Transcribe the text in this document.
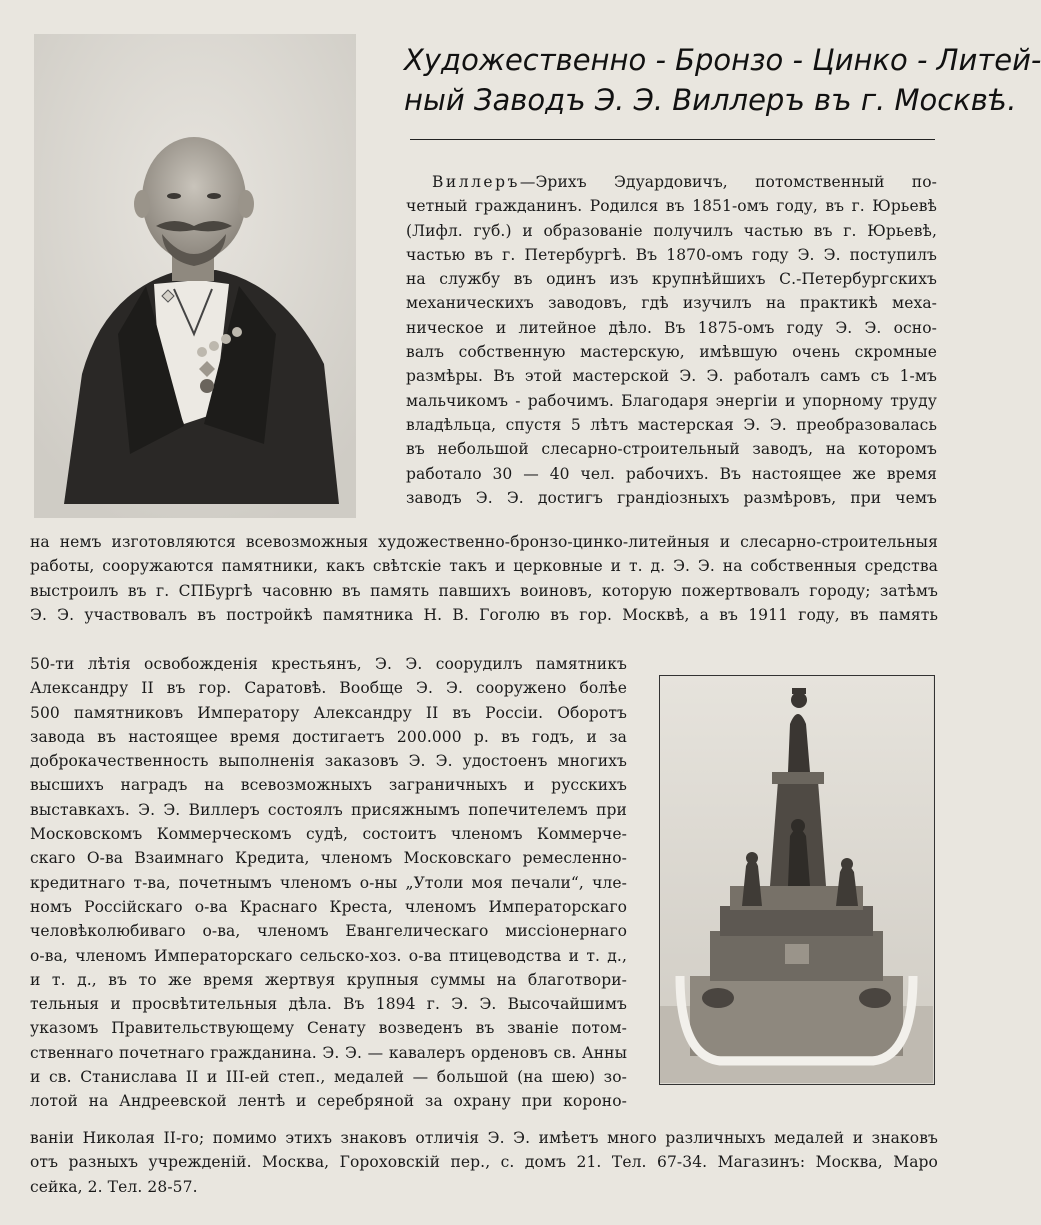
Художественно - Бронзо - Цинко - Литей-
ный Заводъ Э. Э. Виллеръ въ г. Москвѣ.
Виллеръ—Эрихъ Эдуардовичъ, потомственный по-
четный гражданинъ. Родился въ 1851-омъ году, въ г. Юрьевѣ
(Лифл. губ.) и образованіе получилъ частью въ г. Юрьевѣ,
частью въ г. Петербургѣ. Въ 1870-омъ году Э. Э. поступилъ
на службу въ одинъ изъ крупнѣйшихъ С.-Петербургскихъ
механическихъ заводовъ, гдѣ изучилъ на практикѣ меха-
ническое и литейное дѣло. Въ 1875-омъ году Э. Э. осно-
валъ собственную мастерскую, имѣвшую очень скромные
размѣры. Въ этой мастерской Э. Э. работалъ самъ съ 1-мъ
мальчикомъ - рабочимъ. Благодаря энергіи и упорному труду
владѣльца, спустя 5 лѣтъ мастерская Э. Э. преобразовалась
въ небольшой слесарно-строительный заводъ, на которомъ
работало 30 — 40 чел. рабочихъ. Въ настоящее же время
заводъ Э. Э. достигъ грандіозныхъ размѣровъ, при чемъ
на немъ изготовляются всевозможныя художественно-бронзо-цинко-литейныя и слесарно-строительныя
работы, сооружаются памятники, какъ свѣтскіе такъ и церковные и т. д. Э. Э. на собственныя средства
выстроилъ въ г. СПБургѣ часовню въ память павшихъ воиновъ, которую пожертвовалъ городу; затѣмъ
Э. Э. участвовалъ въ постройкѣ памятника Н. В. Гоголю въ гор. Москвѣ, а въ 1911 году, въ память
50-ти лѣтія освобожденія крестьянъ, Э. Э. соорудилъ памятникъ
Александру II въ гор. Саратовѣ. Вообще Э. Э. сооружено болѣе
500 памятниковъ Императору Александру II въ Россіи. Оборотъ
завода въ настоящее время достигаетъ 200.000 р. въ годъ, и за
доброкачественность выполненія заказовъ Э. Э. удостоенъ многихъ
высшихъ наградъ на всевозможныхъ заграничныхъ и русскихъ
выставкахъ. Э. Э. Виллеръ состоялъ присяжнымъ попечителемъ при
Московскомъ Коммерческомъ судѣ, состоитъ членомъ Коммерче-
скаго О-ва Взаимнаго Кредита, членомъ Московскаго ремесленно-
кредитнаго т-ва, почетнымъ членомъ о-ны „Утоли моя печали“, чле-
номъ Россійскаго о-ва Краснаго Креста, членомъ Императорскаго
человѣколюбиваго о-ва, членомъ Евангелическаго миссіонернаго
о-ва, членомъ Императорскаго сельско-хоз. о-ва птицеводства и т. д.,
и т. д., въ то же время жертвуя крупныя суммы на благотвори-
тельныя и просвѣтительныя дѣла. Въ 1894 г. Э. Э. Высочайшимъ
указомъ Правительствующему Сенату возведенъ въ званіе потом-
ственнаго почетнаго гражданина. Э. Э. — кавалеръ орденовъ св. Анны
и св. Станислава II и III-ей степ., медалей — большой (на шею) зо-
лотой на Андреевской лентѣ и серебряной за охрану при короно-
ваніи Николая II-го; помимо этихъ знаковъ отличія Э. Э. имѣетъ много различныхъ медалей и знаковъ
отъ разныхъ учрежденій. Москва, Гороховскій пер., с. домъ 21. Тел. 67-34. Магазинъ: Москва, Маро
сейка, 2. Тел. 28-57.
